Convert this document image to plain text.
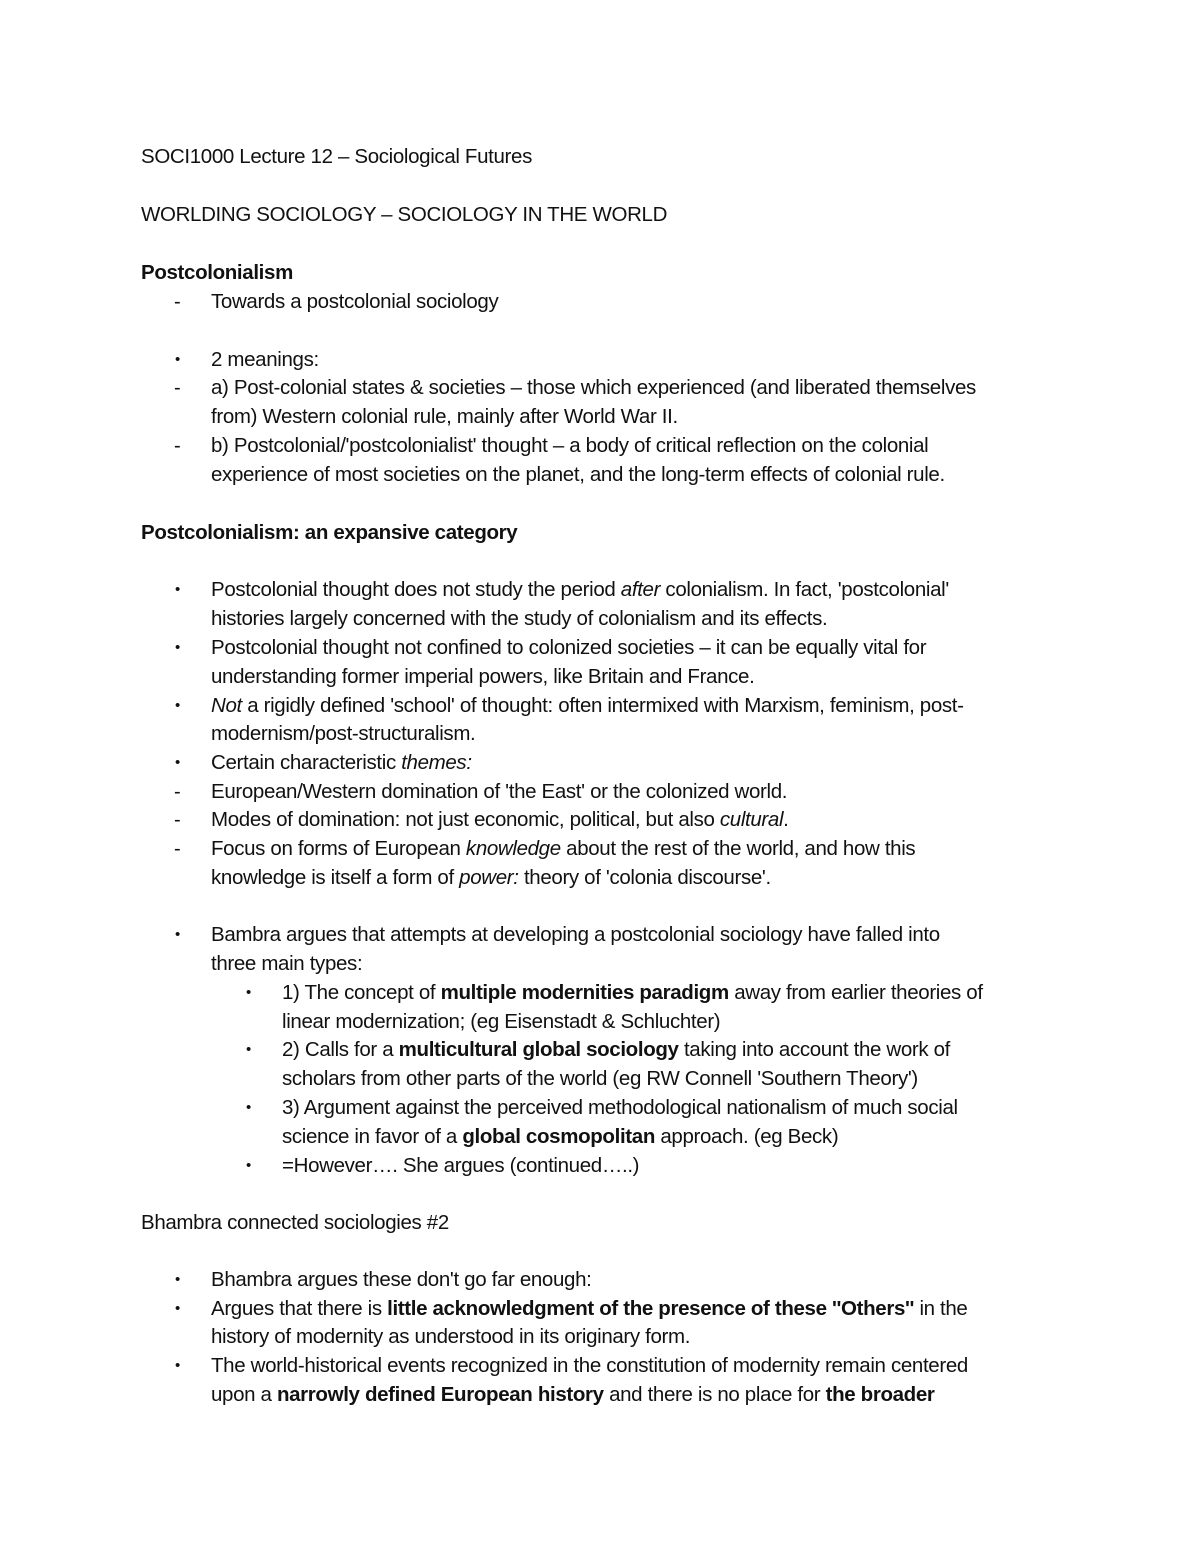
SOCI1000 Lecture 12 – Sociological Futures
WORLDING SOCIOLOGY – SOCIOLOGY IN THE WORLD
Postcolonialism
- Towards a postcolonial sociology
• 2 meanings:
- a) Post-colonial states & societies – those which experienced (and liberated themselves
from) Western colonial rule, mainly after World War II.
- b) Postcolonial/'postcolonialist' thought – a body of critical reflection on the colonial
experience of most societies on the planet, and the long-term effects of colonial rule.
Postcolonialism: an expansive category
• Postcolonial thought does not study the period after colonialism. In fact, 'postcolonial'
histories largely concerned with the study of colonialism and its effects.
• Postcolonial thought not confined to colonized societies – it can be equally vital for
understanding former imperial powers, like Britain and France.
• Not a rigidly defined 'school' of thought: often intermixed with Marxism, feminism, post-
modernism/post-structuralism.
• Certain characteristic themes:
- European/Western domination of 'the East' or the colonized world.
- Modes of domination: not just economic, political, but also cultural.
- Focus on forms of European knowledge about the rest of the world, and how this
knowledge is itself a form of power: theory of 'colonia discourse'.
• Bambra argues that attempts at developing a postcolonial sociology have falled into
three main types:
• 1) The concept of multiple modernities paradigm away from earlier theories of
linear modernization; (eg Eisenstadt & Schluchter)
• 2) Calls for a multicultural global sociology taking into account the work of
scholars from other parts of the world (eg RW Connell 'Southern Theory')
• 3) Argument against the perceived methodological nationalism of much social
science in favor of a global cosmopolitan approach. (eg Beck)
• =However…. She argues (continued…..)
Bhambra connected sociologies #2
• Bhambra argues these don't go far enough:
• Argues that there is little acknowledgment of the presence of these ''Others'' in the
history of modernity as understood in its originary form.
• The world-historical events recognized in the constitution of modernity remain centered
upon a narrowly defined European history and there is no place for the broader
